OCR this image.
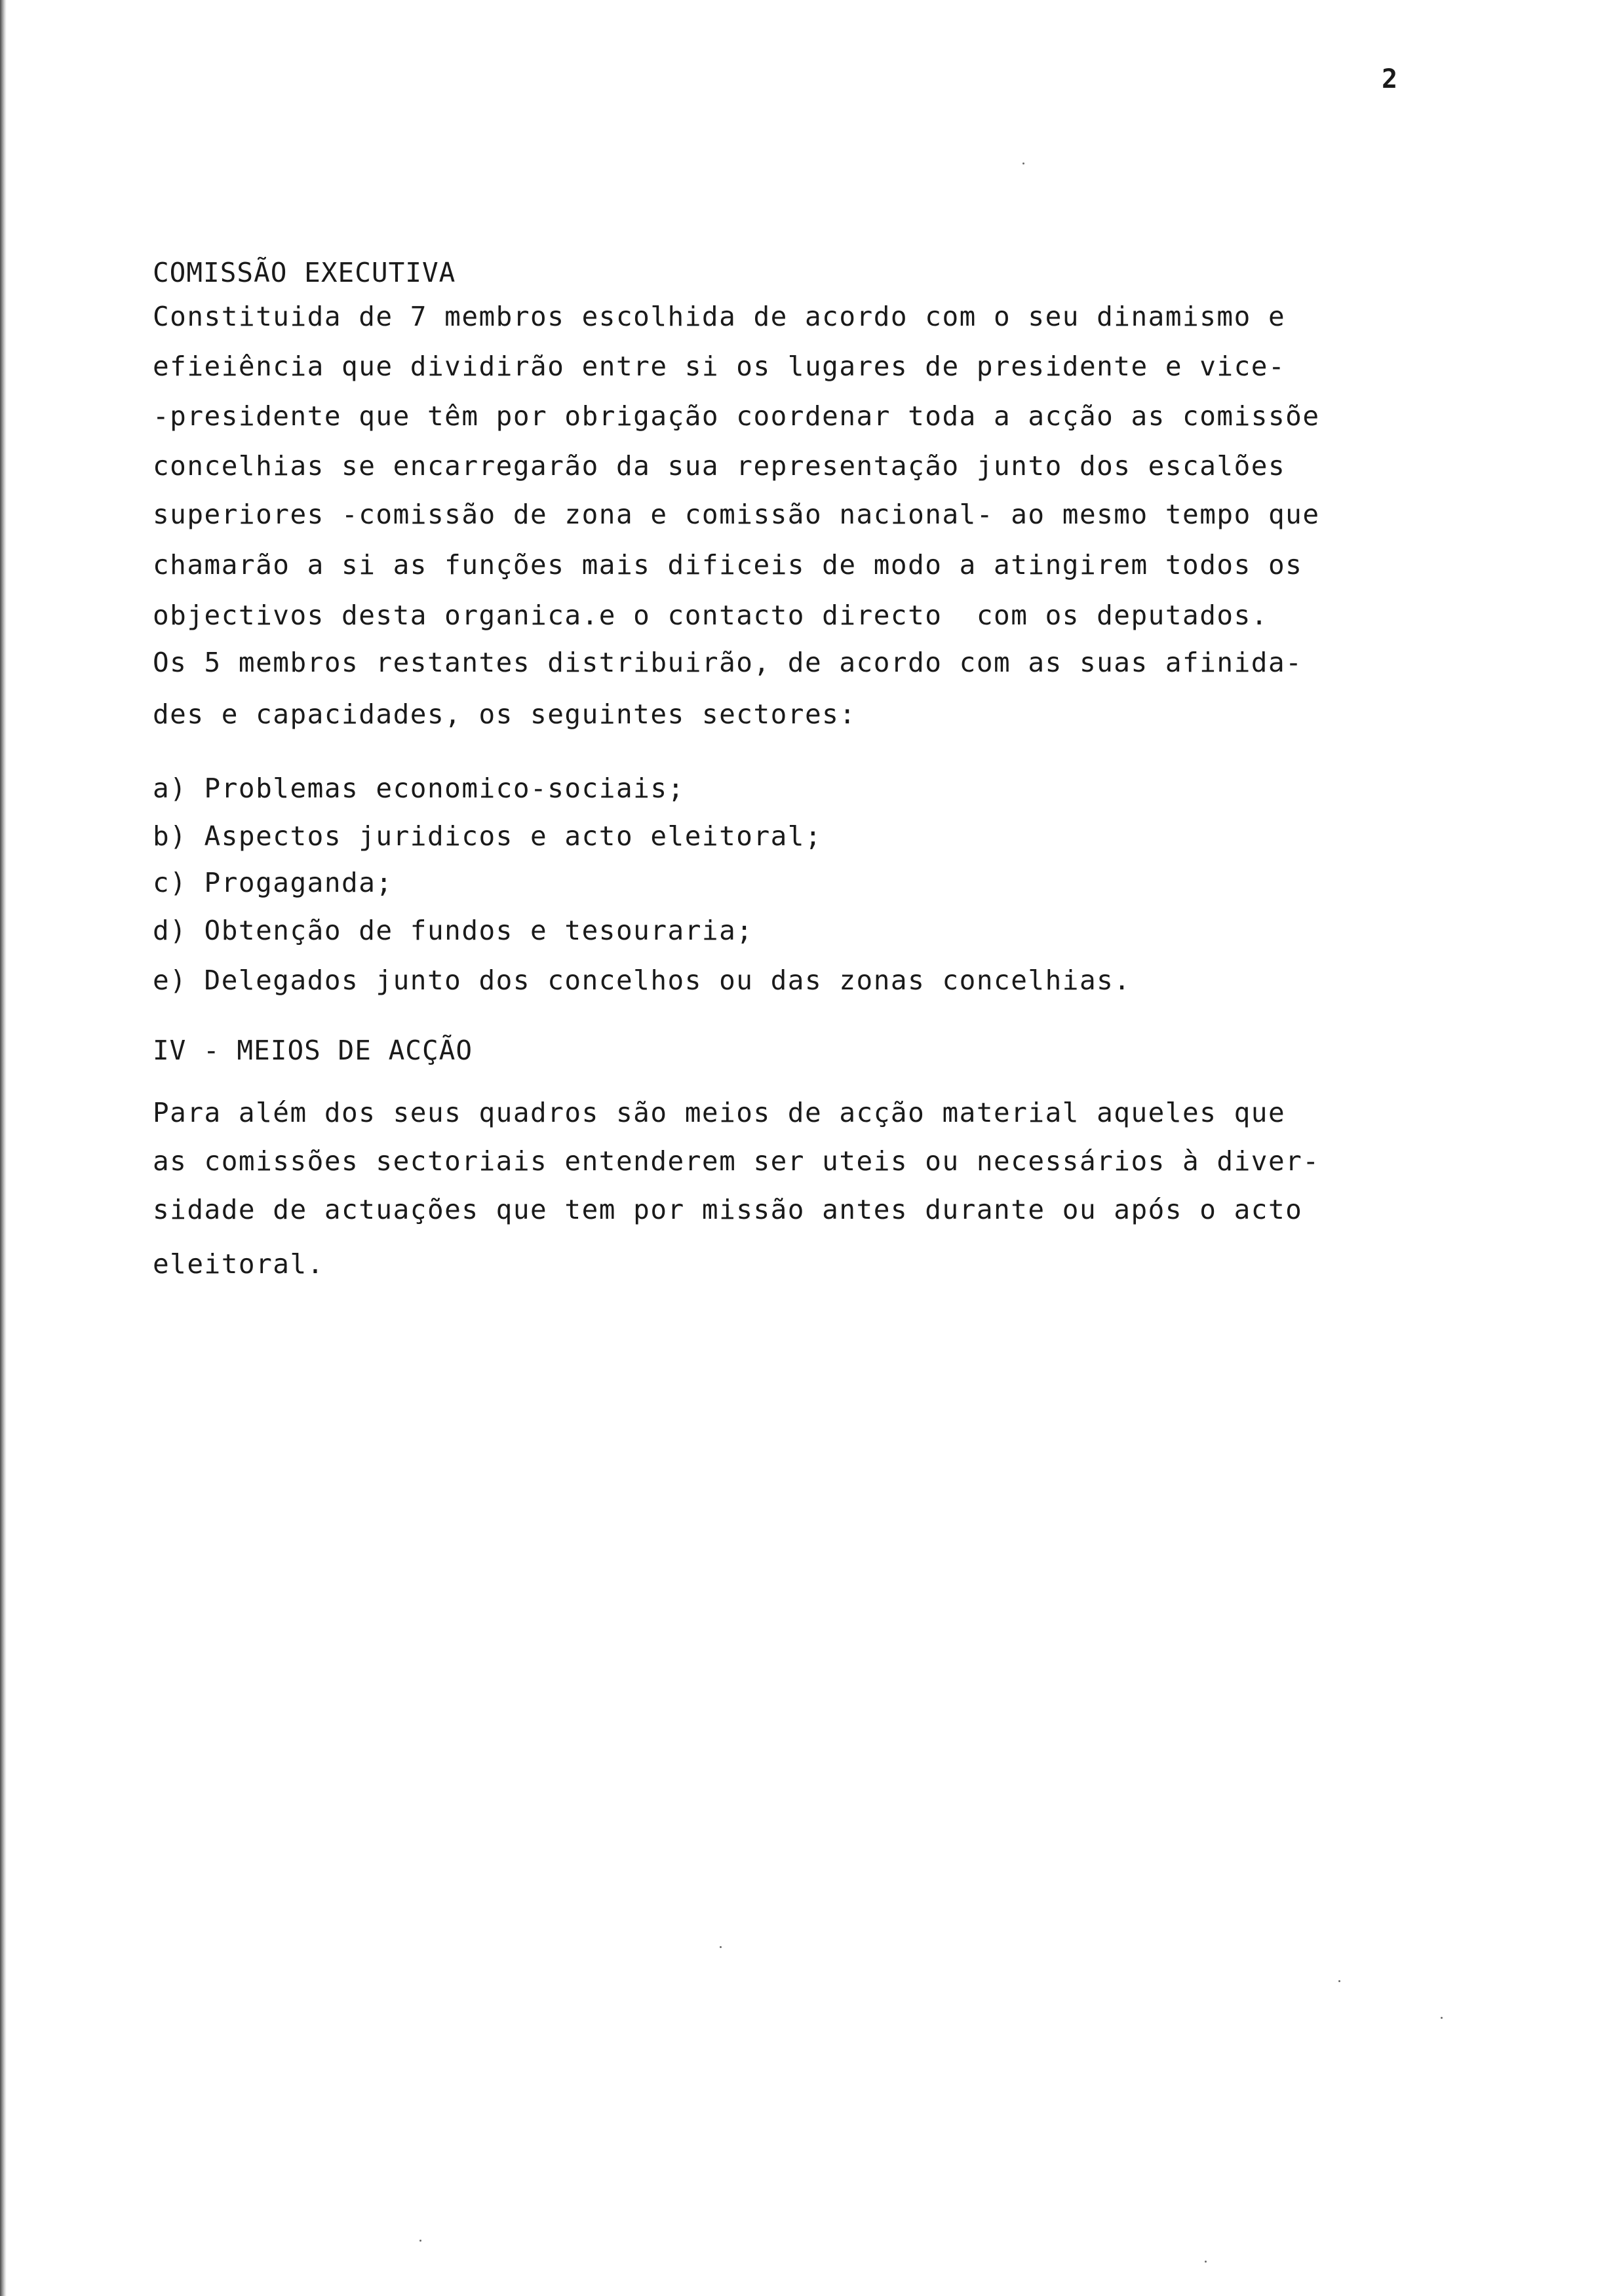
2
COMISSÃO EXECUTIVA
Constituida de 7 membros escolhida de acordo com o seu dinamismo e
efieiência que dividirão entre si os lugares de presidente e vice-
-presidente que têm por obrigação coordenar toda a acção as comissõe
concelhias se encarregarão da sua representação junto dos escalões
superiores -comissão de zona e comissão nacional- ao mesmo tempo que
chamarão a si as funções mais dificeis de modo a atingirem todos os
objectivos desta organica.e o contacto directo  com os deputados.
Os 5 membros restantes distribuirão, de acordo com as suas afinida-
des e capacidades, os seguintes sectores:
a) Problemas economico-sociais;
b) Aspectos juridicos e acto eleitoral;
c) Progaganda;
d) Obtenção de fundos e tesouraria;
e) Delegados junto dos concelhos ou das zonas concelhias.
IV - MEIOS DE ACÇÃO
Para além dos seus quadros são meios de acção material aqueles que
as comissões sectoriais entenderem ser uteis ou necessários à diver-
sidade de actuações que tem por missão antes durante ou após o acto
eleitoral.
